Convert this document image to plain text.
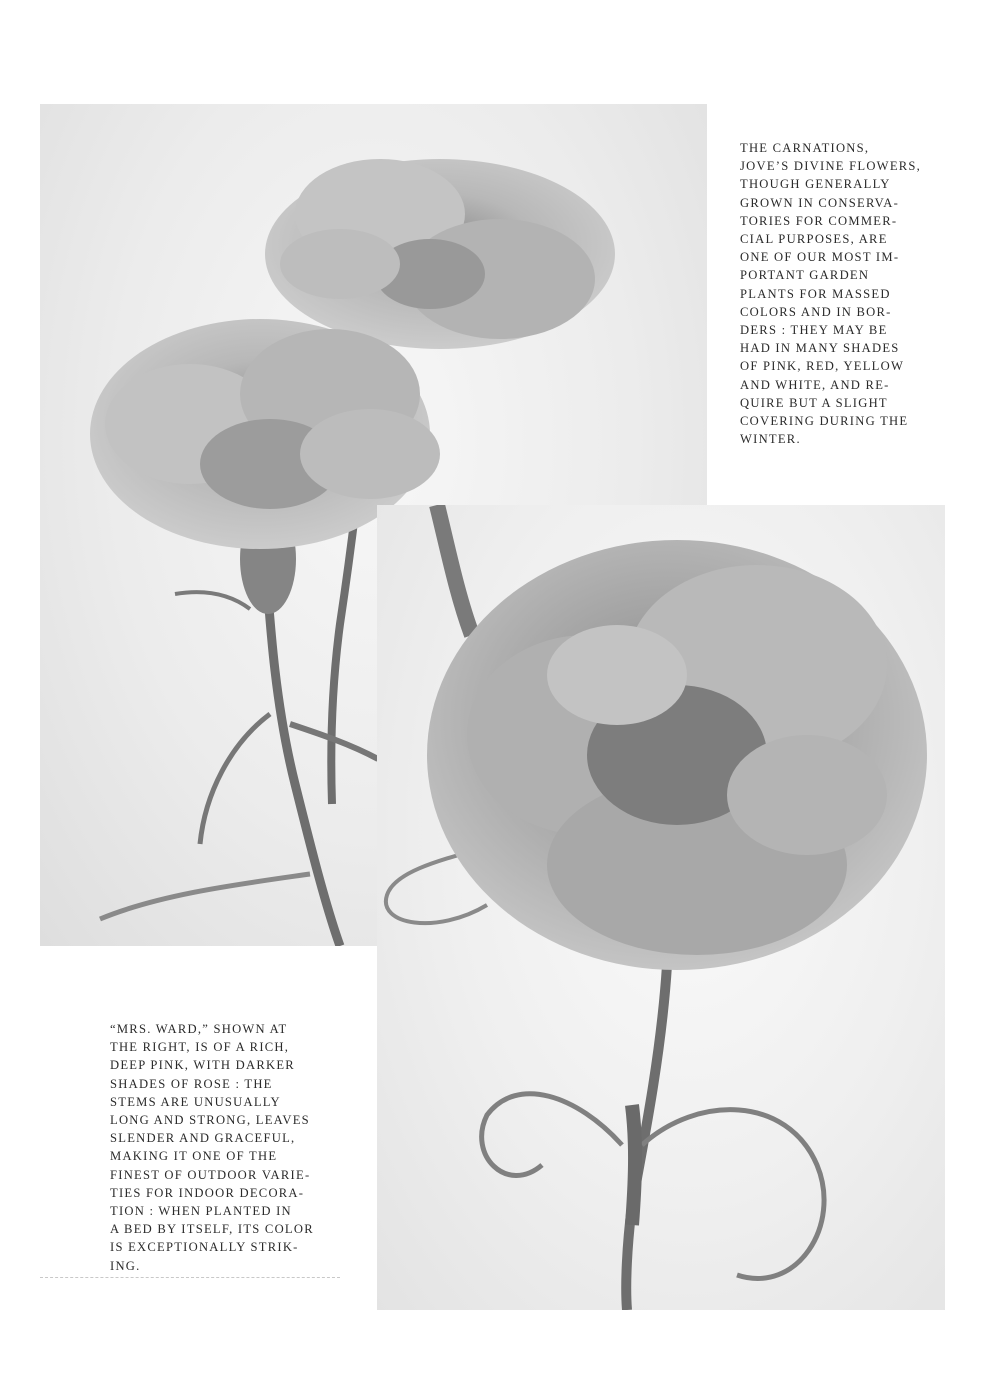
THE CARNATIONS,
JOVE’S DIVINE FLOWERS,
THOUGH GENERALLY
GROWN IN CONSERVA-
TORIES FOR COMMER-
CIAL PURPOSES, ARE
ONE OF OUR MOST IM-
PORTANT GARDEN
PLANTS FOR MASSED
COLORS AND IN BOR-
DERS : THEY MAY BE
HAD IN MANY SHADES
OF PINK, RED, YELLOW
AND WHITE, AND RE-
QUIRE BUT A SLIGHT
COVERING DURING THE
WINTER.
“MRS. WARD,” SHOWN AT
THE RIGHT, IS OF A RICH,
DEEP PINK, WITH DARKER
SHADES OF ROSE : THE
STEMS ARE UNUSUALLY
LONG AND STRONG, LEAVES
SLENDER AND GRACEFUL,
MAKING IT ONE OF THE
FINEST OF OUTDOOR VARIE-
TIES FOR INDOOR DECORA-
TION : WHEN PLANTED IN
A BED BY ITSELF, ITS COLOR
IS EXCEPTIONALLY STRIK-
ING.
